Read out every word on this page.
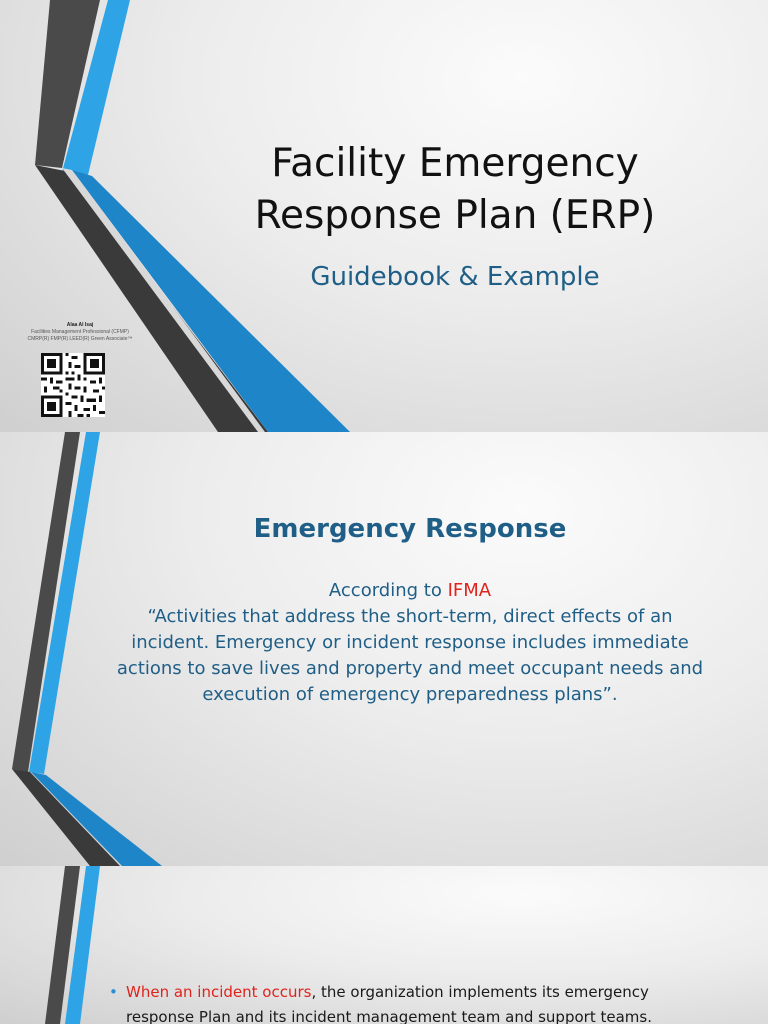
Facility Emergency
Response Plan (ERP)
Guidebook & Example
Alaa Al Isaj
Facilities Management Professional (CFMP)
CMRP(R) FMP(R) LEED(R) Green Associate™
Emergency Response
According to IFMA
“Activities that address the short-term, direct effects of an incident. Emergency or incident response includes immediate actions to save lives and property and meet occupant needs and execution of emergency preparedness plans”.
• When an incident occurs, the organization implements its emergency response Plan and its incident management team and support teams.
